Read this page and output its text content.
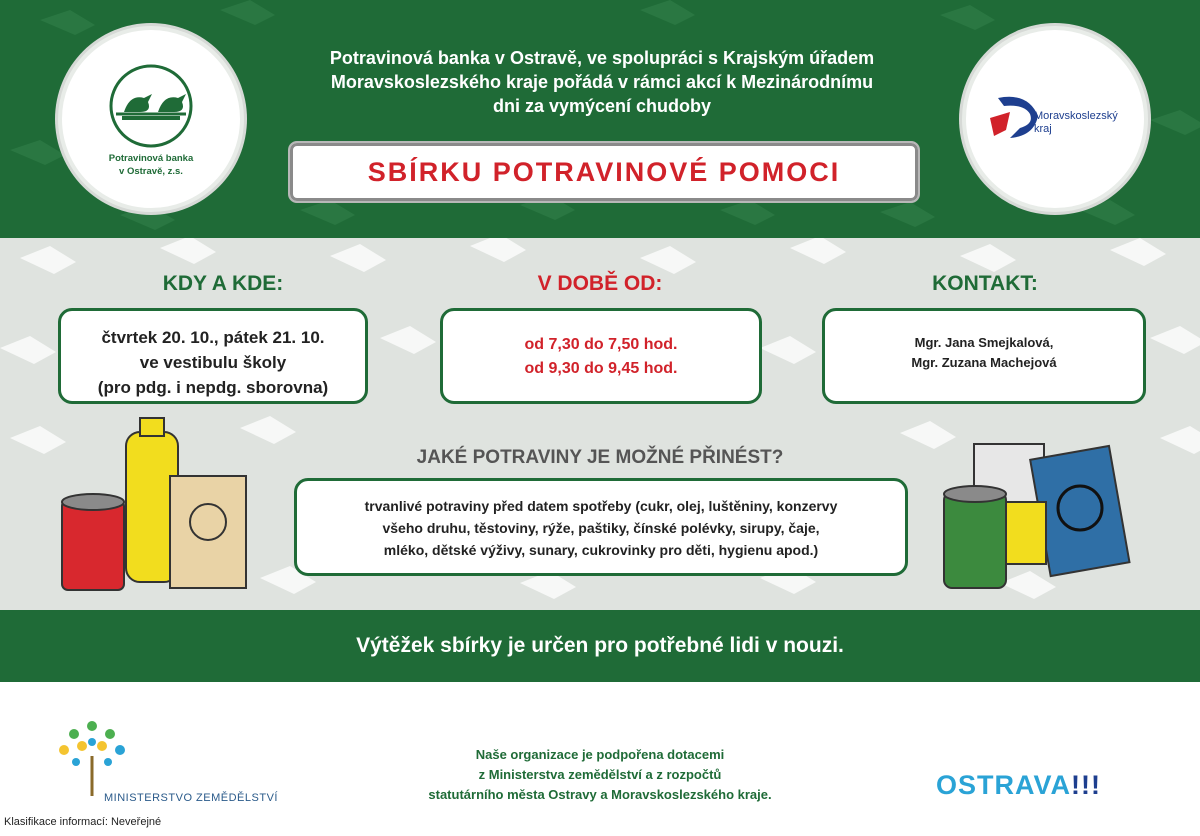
Potravinová banka
v Ostravě, z.s.
Potravinová banka v Ostravě, ve spolupráci s Krajským úřadem
Moravskoslezského kraje pořádá v rámci akcí k Mezinárodnímu
dni za vymýcení chudoby
SBÍRKU POTRAVINOVÉ POMOCI
Moravskoslezský
kraj
KDY A KDE:	V DOBĚ OD:	KONTAKT:
čtvrtek 20. 10., pátek 21. 10.
ve vestibulu školy
(pro pdg. i nepdg. sborovna)
od 7,30 do 7,50 hod.
od 9,30 do 9,45 hod.
Mgr. Jana Smejkalová,
Mgr. Zuzana Machejová
JAKÉ POTRAVINY JE MOŽNÉ PŘINÉST?
trvanlivé potraviny před datem spotřeby (cukr, olej, luštěniny, konzervy
všeho druhu, těstoviny, rýže, paštiky, čínské polévky, sirupy, čaje,
mléko, dětské výživy, sunary, cukrovinky pro děti, hygienu apod.)
Výtěžek sbírky je určen pro potřebné lidi v nouzi.
MINISTERSTVO ZEMĚDĚLSTVÍ
Klasifikace informací: Neveřejné
Naše organizace je podpořena dotacemi
z Ministerstva zemědělství a z rozpočtů
statutárního města Ostravy a Moravskoslezského kraje.	OSTRAVA!!!
